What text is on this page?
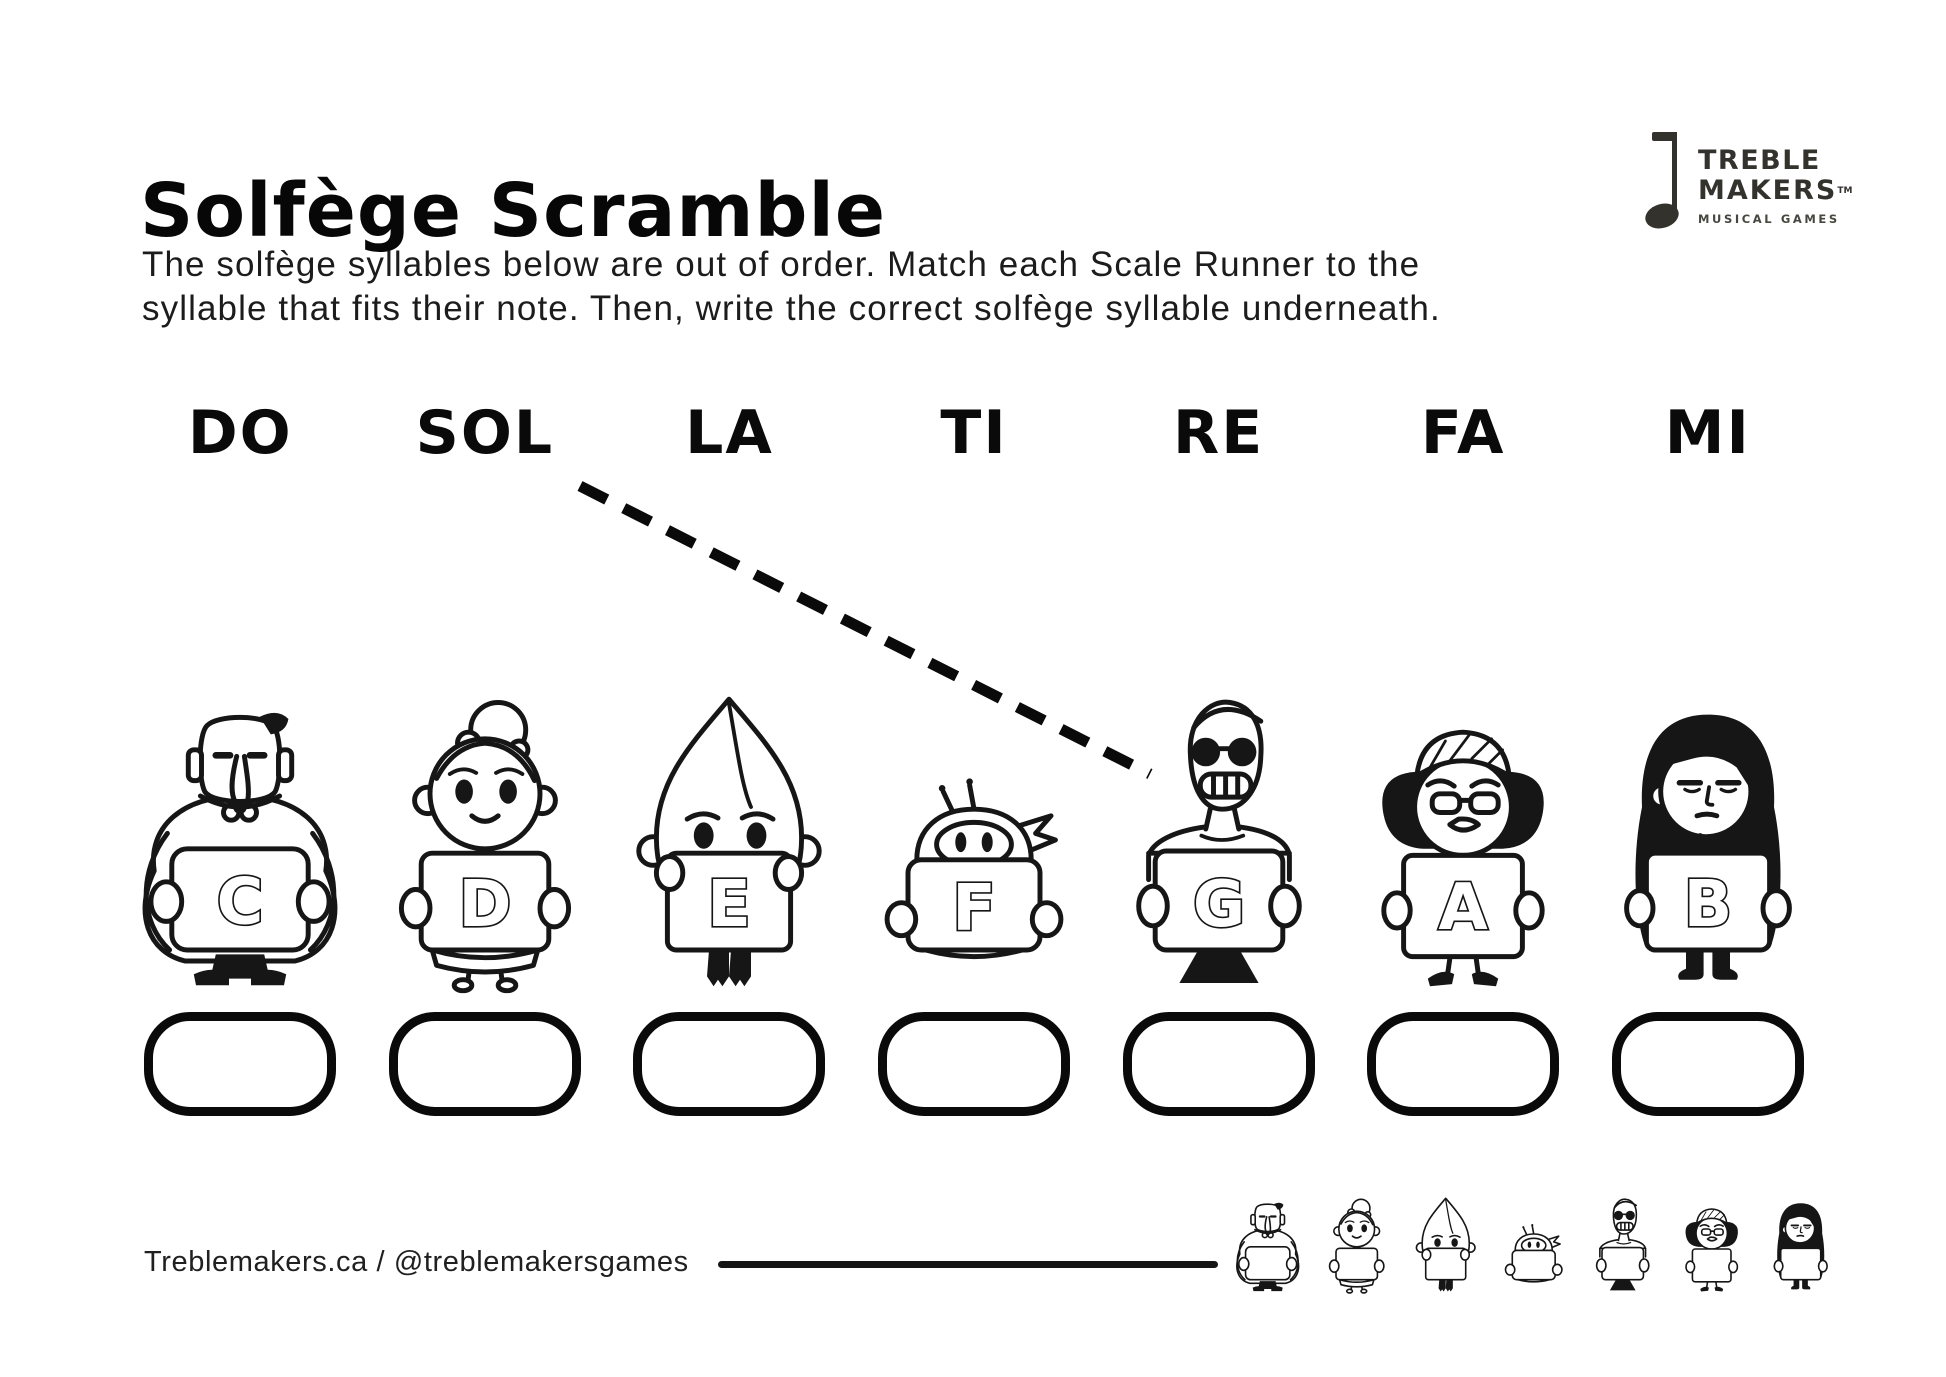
Solfège Scramble
TREBLE
MAKERS™
MUSICAL GAMES
The solfège syllables below are out of order. Match each Scale Runner to the
syllable that fits their note. Then, write the correct solfège syllable underneath.
DO SOL LA	TI	RE	FA	MI
C	D	E	F	G	A	B
Treblemakers.ca / @treblemakersgames
